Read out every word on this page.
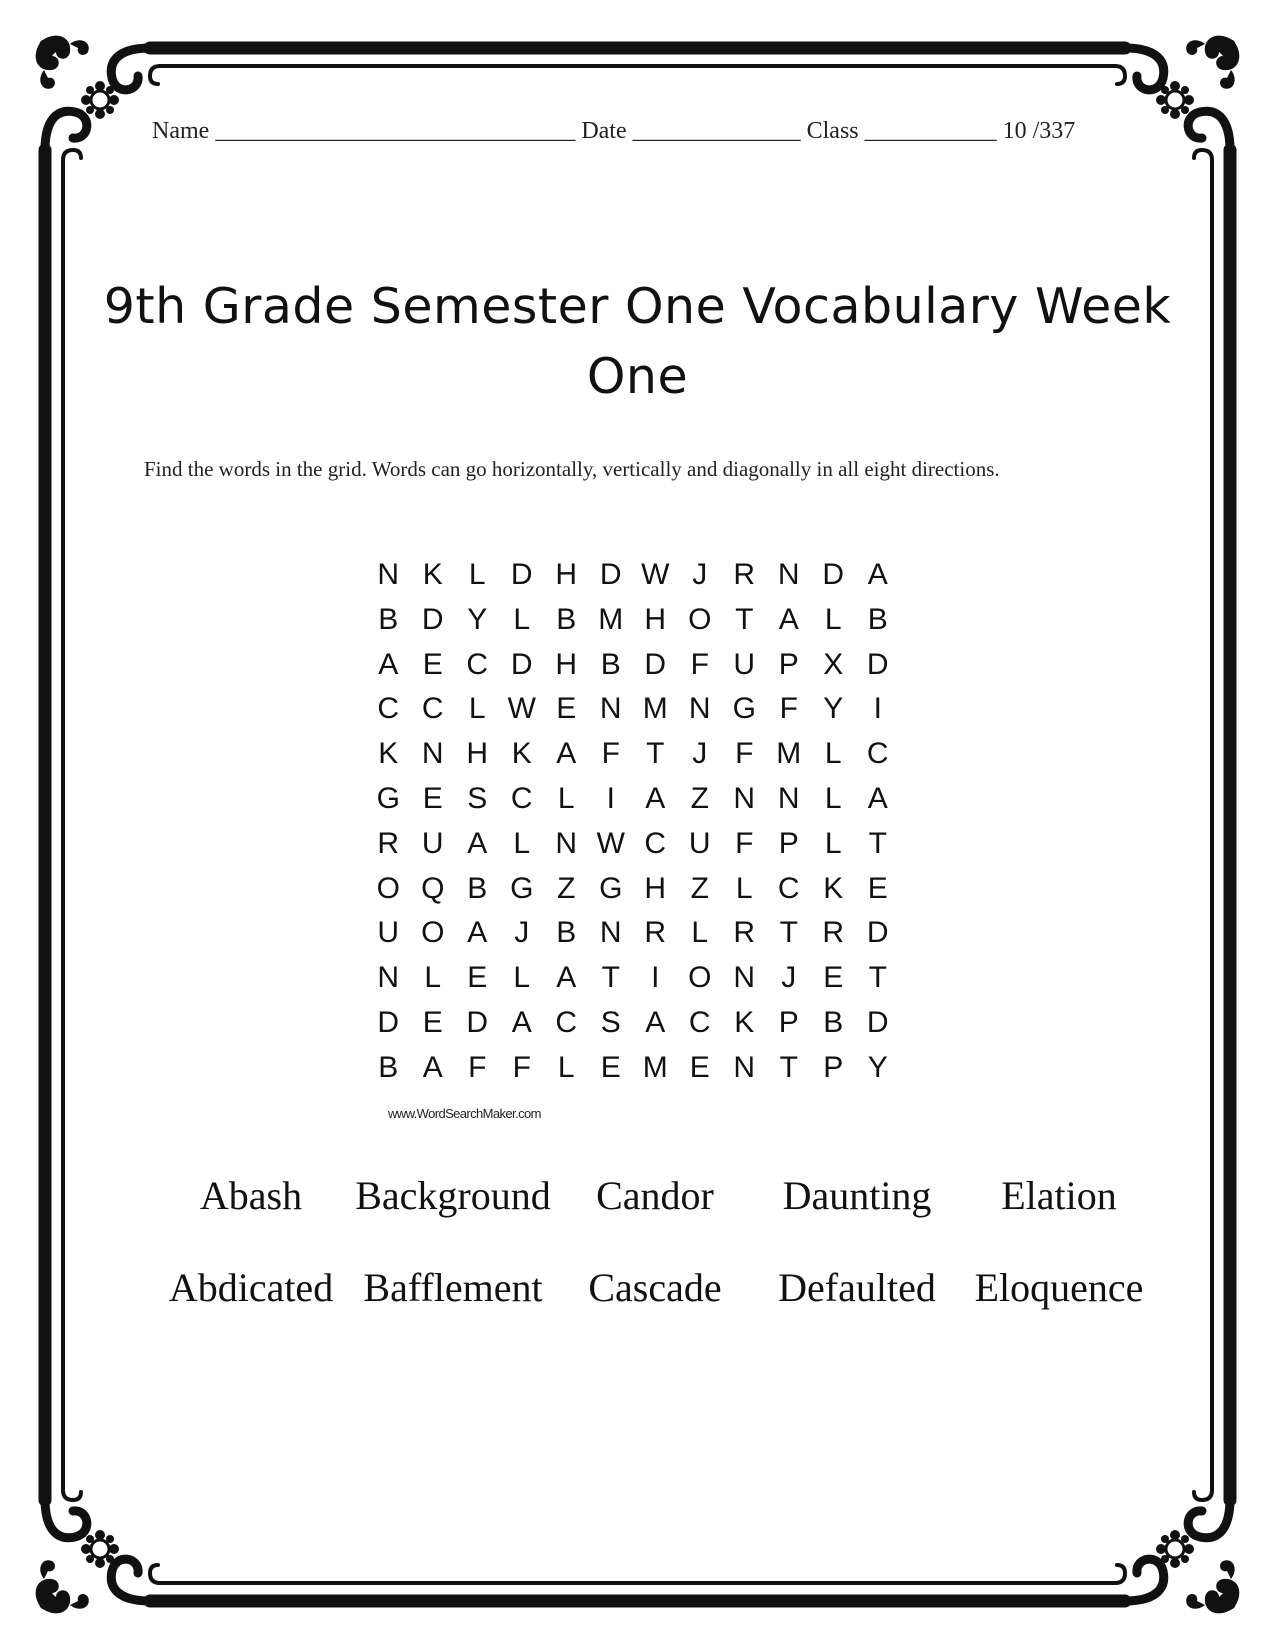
Name ______________________________ Date ______________ Class ___________ 10 /337
9th Grade Semester One Vocabulary Week One
Find the words in the grid. Words can go horizontally, vertically and diagonally in all eight directions.
N K L D H D W J R N D A
B D Y L B M H O T A L B
A E C D H B D F U P X D
C C L W E N M N G F Y	I
K N H K A F T J F M L C
G E S C L	I	A Z N N L A
R U A L N W C U F P L T
O Q B G Z G H Z L C K E
U O A J B N R L R T R D
N L E L A T	I O N J E T
D E D A C S A C K P B D
B A F F L E M E N T P Y
www.WordSearchMaker.com
Abash	Background	Candor	Daunting	Elation
Abdicated Bafflement	Cascade	Defaulted Eloquence
